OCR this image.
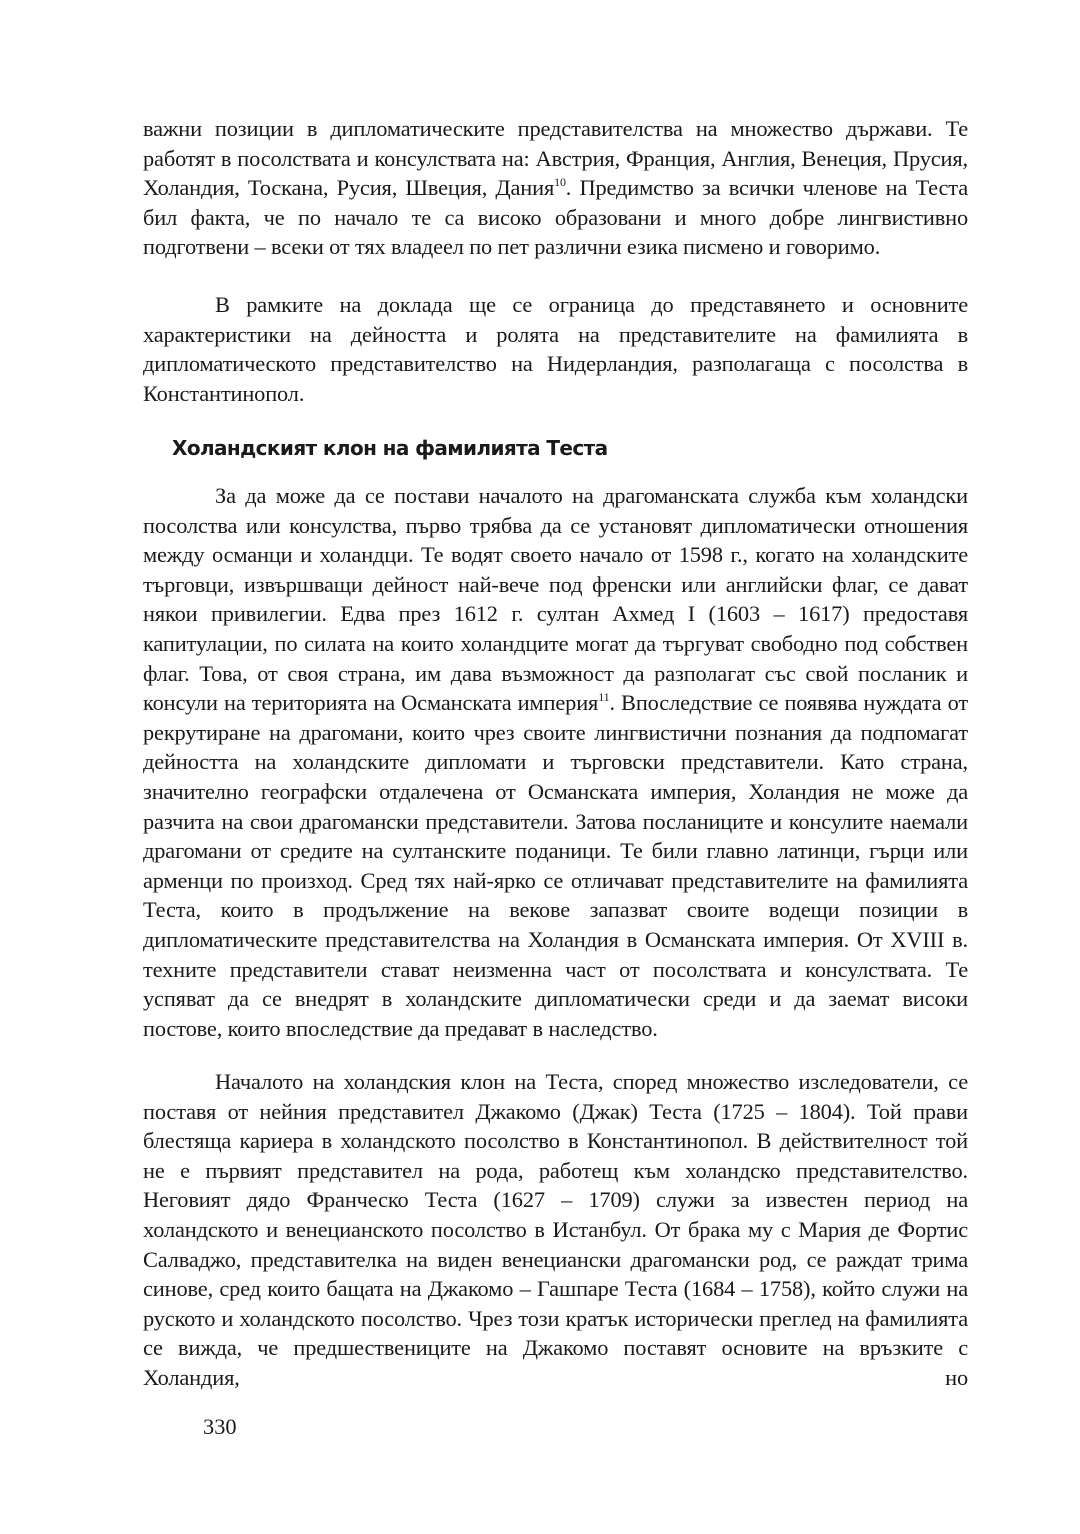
важни позиции в дипломатическите представителства на множество държави. Те работят в посолствата и консулствата на: Австрия, Франция, Англия, Венеция, Прусия, Холандия, Тоскана, Русия, Швеция, Дания$^{10}$. Предимство за всички членове на Теста бил факта, че по начало те са високо образовани и много добре лингвистивно подготвени – всеки от тях владеел по пет различни езика писмено и говоримо.

В рамките на доклада ще се ограница до представянето и основните характеристики на дейността и ролята на представителите на фамилията в дипломатическото представителство на Нидерландия, разполагаща с посолства в Константинопол.

Холандският клон на фамилията Теста

За да може да се постави началото на драгоманската служба към холандски посолства или консулства, първо трябва да се установят дипломатически отношения между османци и холандци. Те водят своето начало от 1598 г., когато на холандските търговци, извършващи дейност най-вече под френски или английски флаг, се дават някои привилегии. Едва през 1612 г. султан Ахмед I (1603 – 1617) предоставя капитулации, по силата на които холандците могат да търгуват свободно под собствен флаг. Това, от своя страна, им дава възможност да разполагат със свой посланик и консули на територията на Османската империя$^{11}$. Впоследствие се появява нуждата от рекрутиране на драгомани, които чрез своите лингвистични познания да подпомагат дейността на холандските дипломати и търговски представители. Като страна, значително географски отдалечена от Османската империя, Холандия не може да разчита на свои драгомански представители. Затова посланиците и консулите наемали драгомани от средите на султанските поданици. Те били главно латинци, гърци или арменци по произход. Сред тях най-ярко се отличават представителите на фамилията Теста, които в продължение на векове запазват своите водещи позиции в дипломатическите представителства на Холандия в Османската империя. От XVIII в. техните представители стават неизменна част от посолствата и консулствата. Те успяват да се внедрят в холандските дипломатически среди и да заемат високи постове, които впоследствие да предават в наследство.

Началото на холандския клон на Теста, според множество изследователи, се поставя от нейния представител Джакомо (Джак) Теста (1725 – 1804). Той прави блестяща кариера в холандското посолство в Константинопол. В действителност той не е първият представител на рода, работещ към холандско представителство. Неговият дядо Франческо Теста (1627 – 1709) служи за известен период на холандското и венецианското посолство в Истанбул. От брака му с Мария де Фортис Салваджо, представителка на виден венециански драгомански род, се раждат трима синове, сред които бащата на Джакомо – Гашпаре Теста (1684 – 1758), който служи на руското и холандското посолство. Чрез този кратък исторически преглед на фамилията се вижда, че предшествениците на Джакомо поставят основите на връзките с Холандия, но

330
